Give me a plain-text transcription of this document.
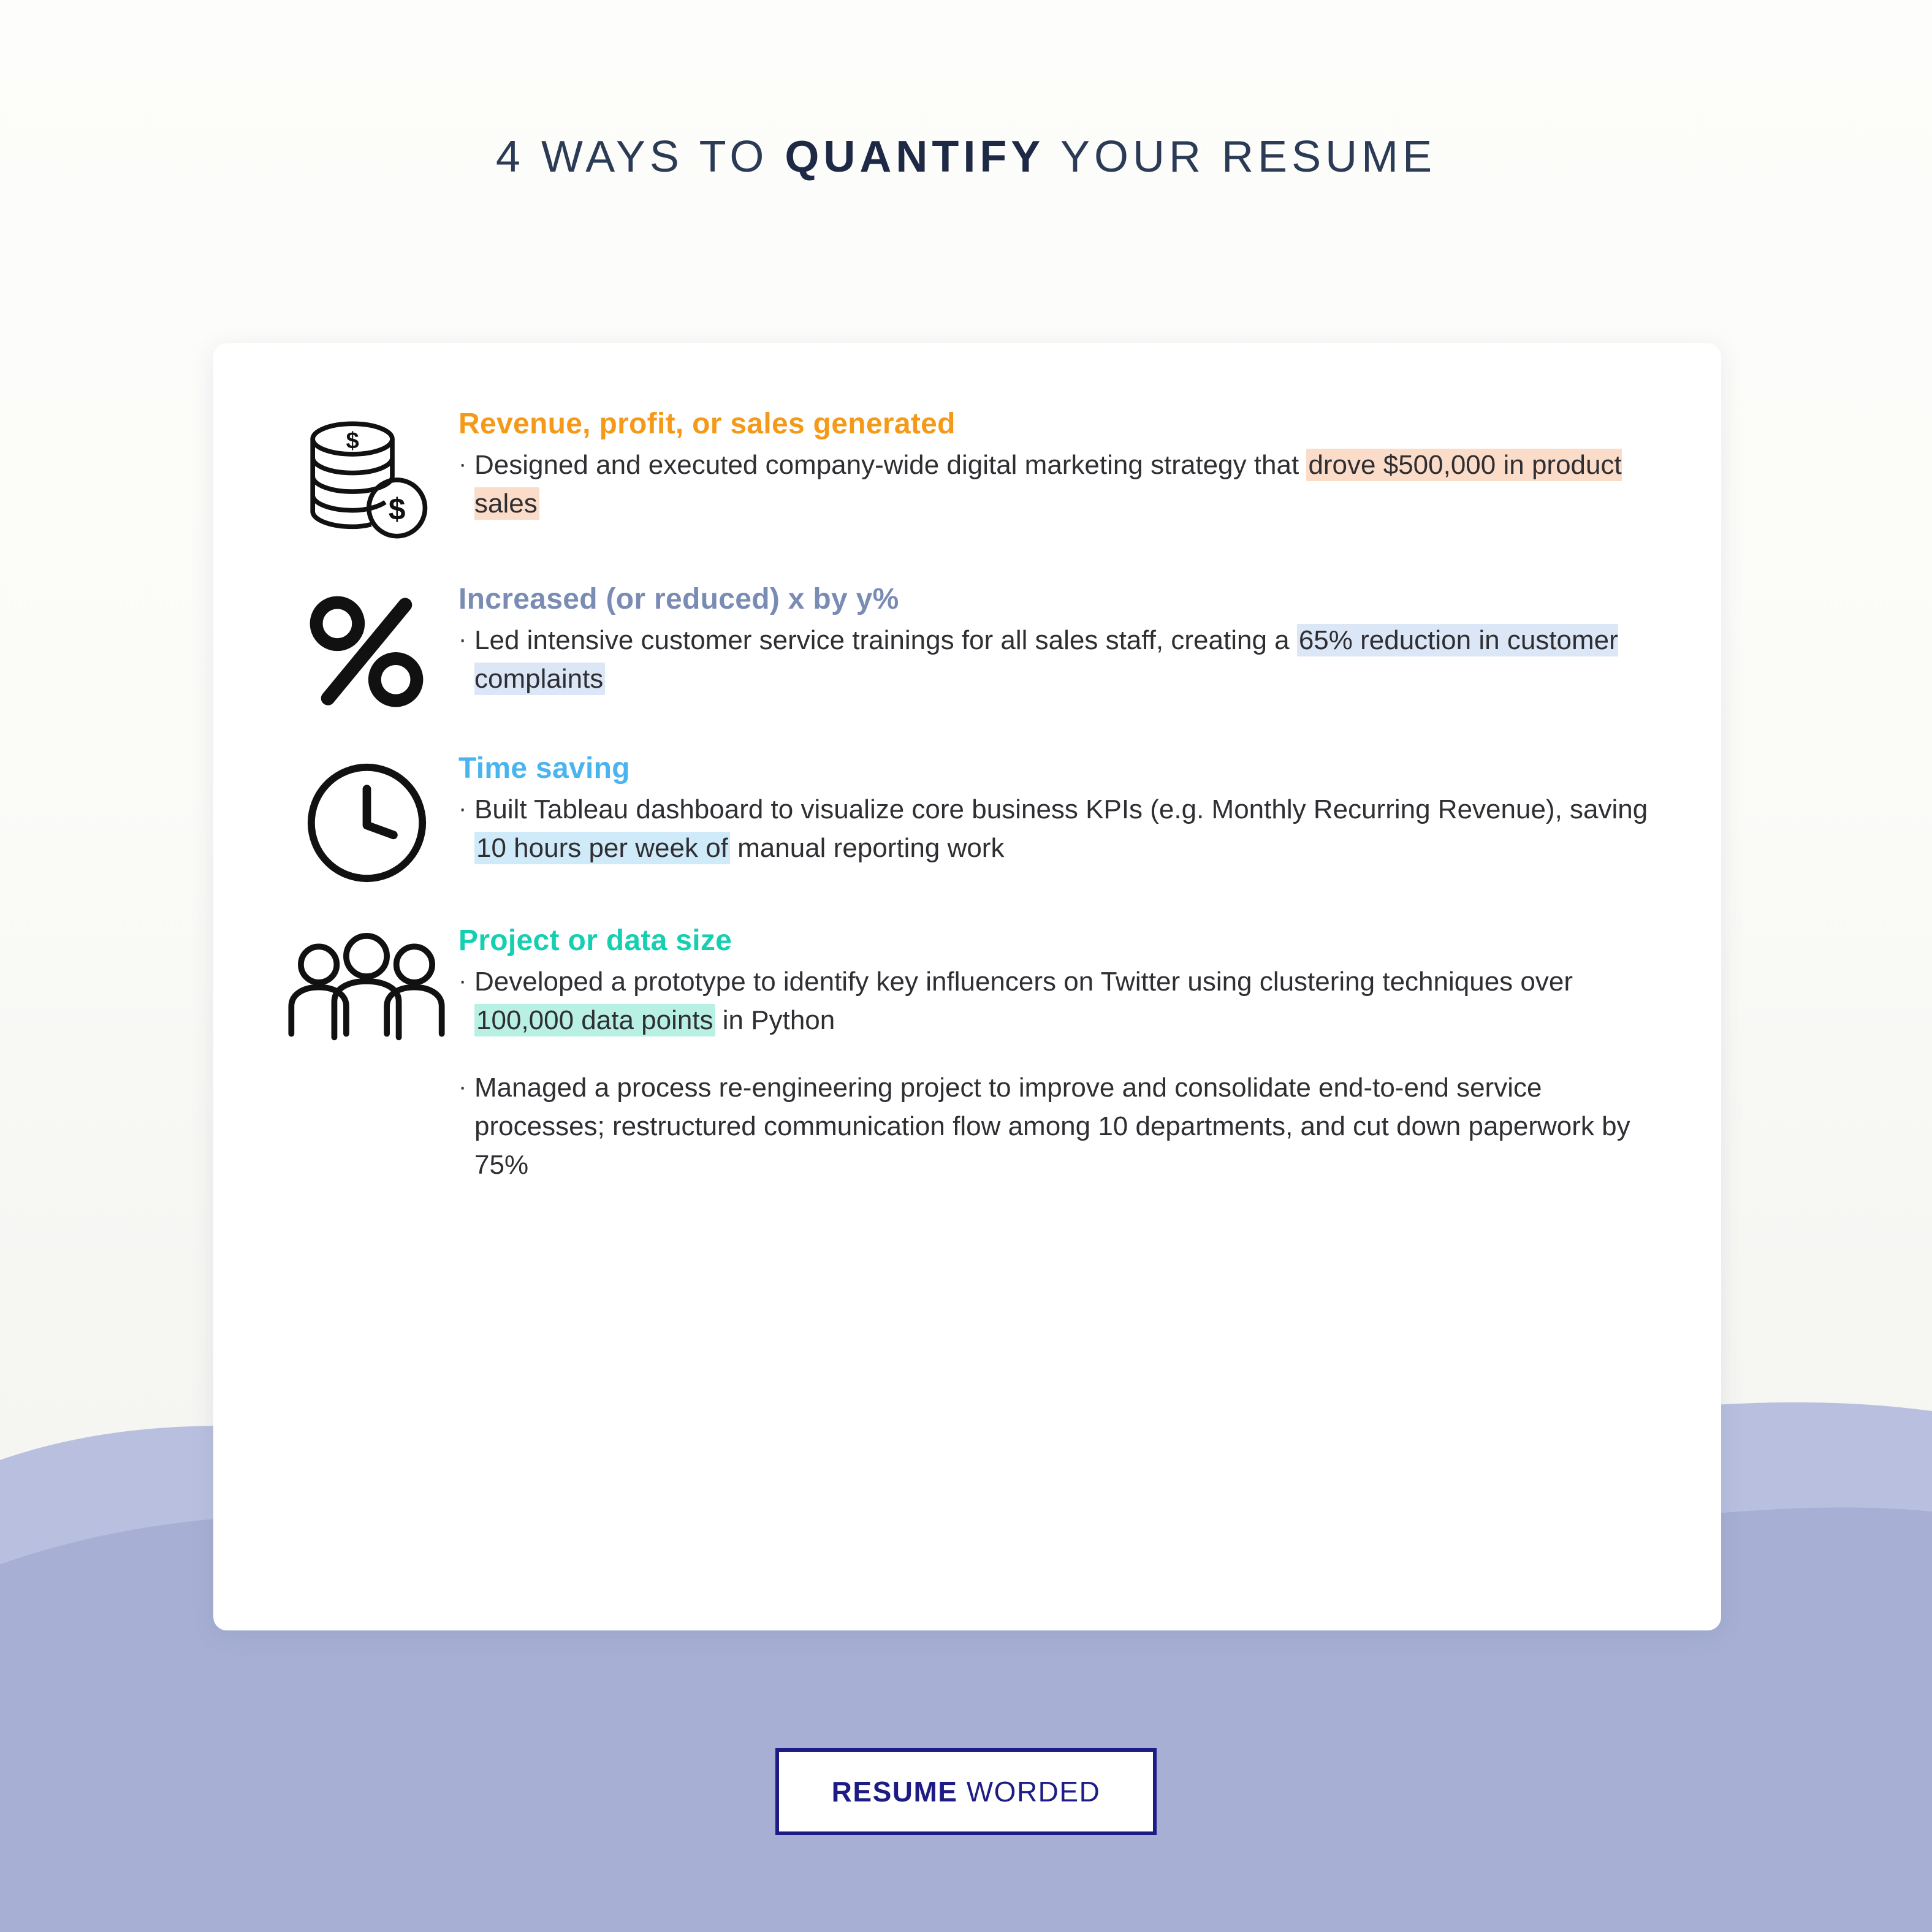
4 WAYS TO QUANTIFY YOUR RESUME
$
$
Revenue, profit, or sales generated
· Designed and executed company-wide digital marketing strategy that drove $500,000 in product sales
Increased (or reduced) x by y%
· Led intensive customer service trainings for all sales staff, creating a 65% reduction in customer complaints
Time saving
· Built Tableau dashboard to visualize core business KPIs (e.g. Monthly Recurring Revenue), saving 10 hours per week of manual reporting work
Project or data size
· Developed a prototype to identify key influencers on Twitter using clustering techniques over 100,000 data points in Python
· Managed a process re-engineering project to improve and consolidate end-to-end service processes; restructured communication flow among 10 departments, and cut down paperwork by 75%
RESUME WORDED
